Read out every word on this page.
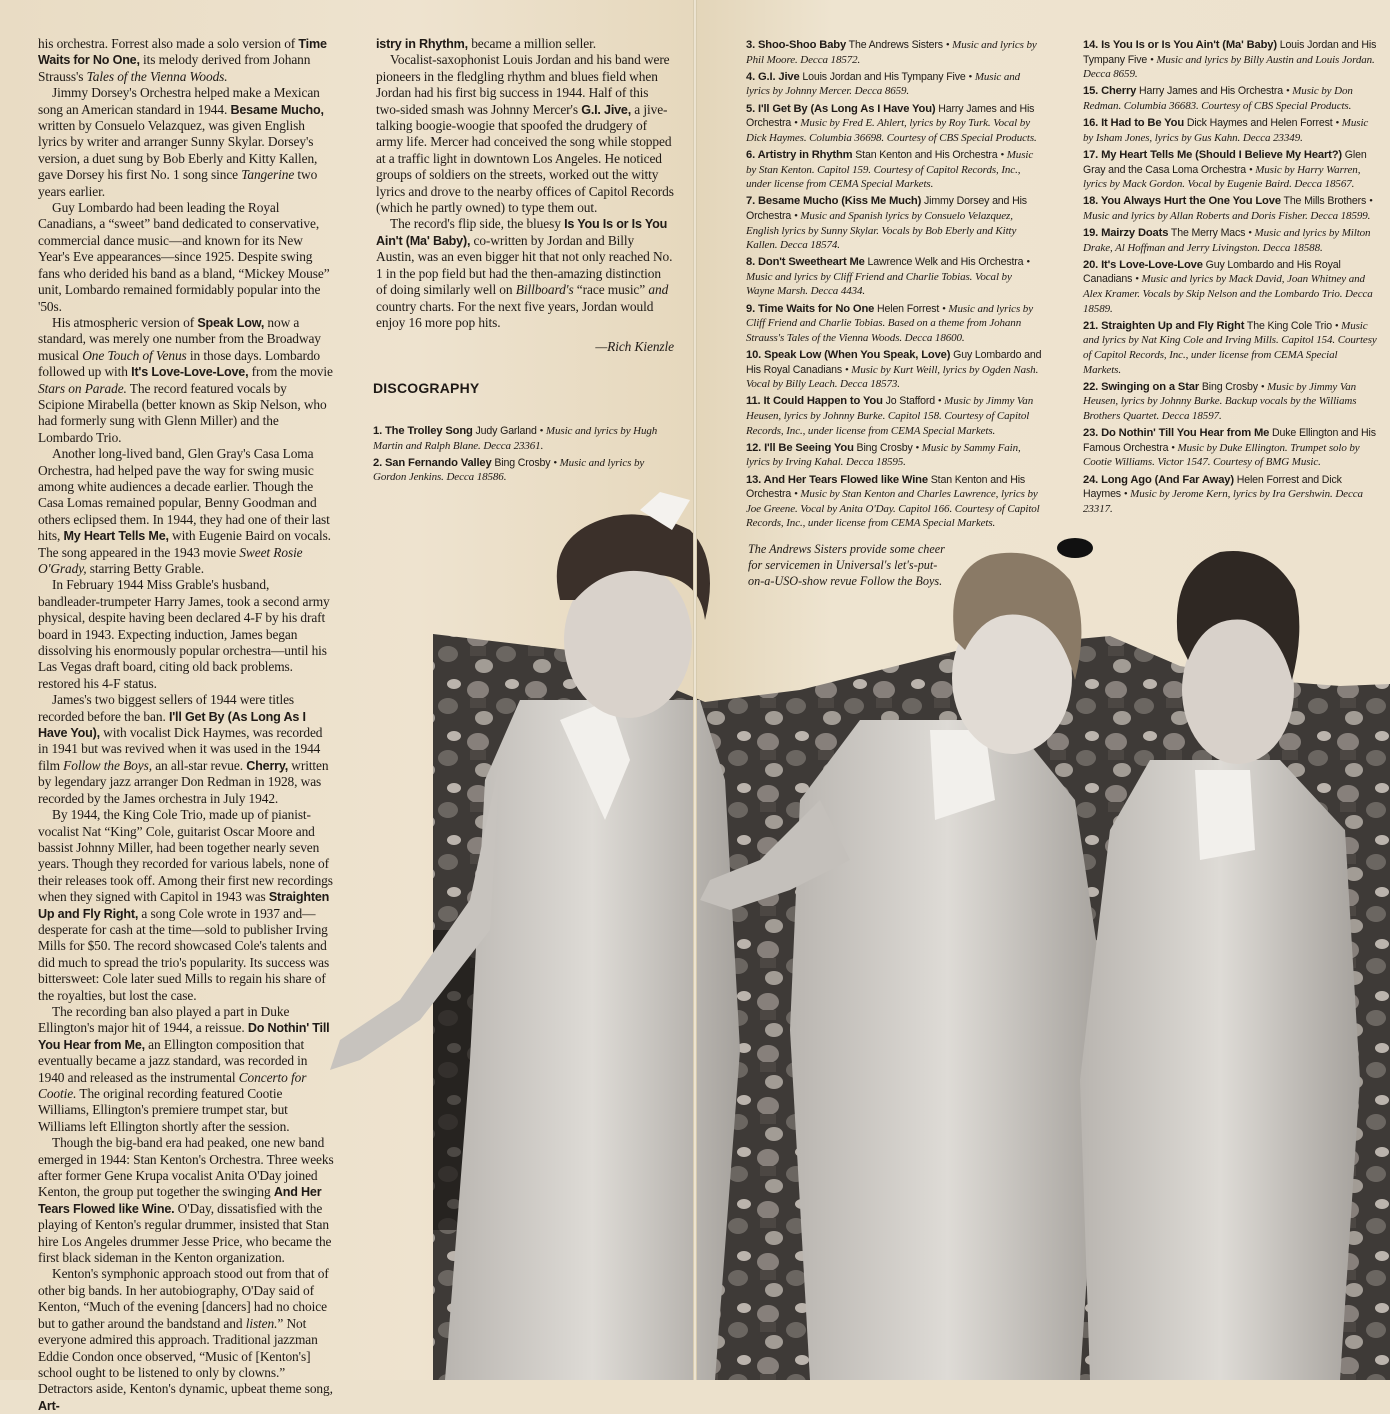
his orchestra. Forrest also made a solo version of Time Waits for No One, its melody derived from Johann Strauss's Tales of the Vienna Woods.

Jimmy Dorsey's Orchestra helped make a Mexican song an American standard in 1944. Besame Mucho, written by Consuelo Velazquez, was given English lyrics by writer and arranger Sunny Skylar. Dorsey's version, a duet sung by Bob Eberly and Kitty Kallen, gave Dorsey his first No. 1 song since Tangerine two years earlier.

Guy Lombardo had been leading the Royal Canadians, a “sweet” band dedicated to conservative, commercial dance music—and known for its New Year's Eve appearances—since 1925. Despite swing fans who derided his band as a bland, “Mickey Mouse” unit, Lombardo remained formidably popular into the '50s.

His atmospheric version of Speak Low, now a standard, was merely one number from the Broadway musical One Touch of Venus in those days. Lombardo followed up with It's Love-Love-Love, from the movie Stars on Parade. The record featured vocals by Scipione Mirabella (better known as Skip Nelson, who had formerly sung with Glenn Miller) and the Lombardo Trio.

Another long-lived band, Glen Gray's Casa Loma Orchestra, had helped pave the way for swing music among white audiences a decade earlier. Though the Casa Lomas remained popular, Benny Goodman and others eclipsed them. In 1944, they had one of their last hits, My Heart Tells Me, with Eugenie Baird on vocals. The song appeared in the 1943 movie Sweet Rosie O'Grady, starring Betty Grable.

In February 1944 Miss Grable's husband, bandleader-trumpeter Harry James, took a second army physical, despite having been declared 4-F by his draft board in 1943. Expecting induction, James began dissolving his enormously popular orchestra—until his Las Vegas draft board, citing old back problems. restored his 4-F status.

James's two biggest sellers of 1944 were titles recorded before the ban. I'll Get By (As Long As I Have You), with vocalist Dick Haymes, was recorded in 1941 but was revived when it was used in the 1944 film Follow the Boys, an all-star revue. Cherry, written by legendary jazz arranger Don Redman in 1928, was recorded by the James orchestra in July 1942.

By 1944, the King Cole Trio, made up of pianist-vocalist Nat “King” Cole, guitarist Oscar Moore and bassist Johnny Miller, had been together nearly seven years. Though they recorded for various labels, none of their releases took off. Among their first new recordings when they signed with Capitol in 1943 was Straighten Up and Fly Right, a song Cole wrote in 1937 and—desperate for cash at the time—sold to publisher Irving Mills for $50. The record showcased Cole's talents and did much to spread the trio's popularity. Its success was bittersweet: Cole later sued Mills to regain his share of the royalties, but lost the case.

The recording ban also played a part in Duke Ellington's major hit of 1944, a reissue. Do Nothin' Till You Hear from Me, an Ellington composition that eventually became a jazz standard, was recorded in 1940 and released as the instrumental Concerto for Cootie. The original recording featured Cootie Williams, Ellington's premiere trumpet star, but Williams left Ellington shortly after the session.

Though the big-band era had peaked, one new band emerged in 1944: Stan Kenton's Orchestra. Three weeks after former Gene Krupa vocalist Anita O'Day joined Kenton, the group put together the swinging And Her Tears Flowed like Wine. O'Day, dissatisfied with the playing of Kenton's regular drummer, insisted that Stan hire Los Angeles drummer Jesse Price, who became the first black sideman in the Kenton organization.

Kenton's symphonic approach stood out from that of other big bands. In her autobiography, O'Day said of Kenton, “Much of the evening [dancers] had no choice but to gather around the bandstand and listen.” Not everyone admired this approach. Traditional jazzman Eddie Condon once observed, “Music of [Kenton's] school ought to be listened to only by clowns.” Detractors aside, Kenton's dynamic, upbeat theme song, Art-

istry in Rhythm, became a million seller.

Vocalist-saxophonist Louis Jordan and his band were pioneers in the fledgling rhythm and blues field when Jordan had his first big success in 1944. Half of this two-sided smash was Johnny Mercer's G.I. Jive, a jive-talking boogie-woogie that spoofed the drudgery of army life. Mercer had conceived the song while stopped at a traffic light in downtown Los Angeles. He noticed groups of soldiers on the streets, worked out the witty lyrics and drove to the nearby offices of Capitol Records (which he partly owned) to type them out.

The record's flip side, the bluesy Is You Is or Is You Ain't (Ma' Baby), co-written by Jordan and Billy Austin, was an even bigger hit that not only reached No. 1 in the pop field but had the then-amazing distinction of doing similarly well on Billboard's “race music” and country charts. For the next five years, Jordan would enjoy 16 more pop hits.

—Rich Kienzle

DISCOGRAPHY
1. The Trolley Song Judy Garland • Music and lyrics by Hugh Martin and Ralph Blane. Decca 23361.
2. San Fernando Valley Bing Crosby • Music and lyrics by Gordon Jenkins. Decca 18586.
3. Shoo-Shoo Baby The Andrews Sisters • Music and lyrics by Phil Moore. Decca 18572.
4. G.I. Jive Louis Jordan and His Tympany Five • Music and lyrics by Johnny Mercer. Decca 8659.
5. I'll Get By (As Long As I Have You) Harry James and His Orchestra • Music by Fred E. Ahlert, lyrics by Roy Turk. Vocal by Dick Haymes. Columbia 36698. Courtesy of CBS Special Products.
6. Artistry in Rhythm Stan Kenton and His Orchestra • Music by Stan Kenton. Capitol 159. Courtesy of Capitol Records, Inc., under license from CEMA Special Markets.
7. Besame Mucho (Kiss Me Much) Jimmy Dorsey and His Orchestra • Music and Spanish lyrics by Consuelo Velazquez, English lyrics by Sunny Skylar. Vocals by Bob Eberly and Kitty Kallen. Decca 18574.
8. Don't Sweetheart Me Lawrence Welk and His Orchestra • Music and lyrics by Cliff Friend and Charlie Tobias. Vocal by Wayne Marsh. Decca 4434.
9. Time Waits for No One Helen Forrest • Music and lyrics by Cliff Friend and Charlie Tobias. Based on a theme from Johann Strauss's Tales of the Vienna Woods. Decca 18600.
10. Speak Low (When You Speak, Love) Guy Lombardo and His Royal Canadians • Music by Kurt Weill, lyrics by Ogden Nash. Vocal by Billy Leach. Decca 18573.
11. It Could Happen to You Jo Stafford • Music by Jimmy Van Heusen, lyrics by Johnny Burke. Capitol 158. Courtesy of Capitol Records, Inc., under license from CEMA Special Markets.
12. I'll Be Seeing You Bing Crosby • Music by Sammy Fain, lyrics by Irving Kahal. Decca 18595.
13. And Her Tears Flowed like Wine Stan Kenton and His Orchestra • Music by Stan Kenton and Charles Lawrence, lyrics by Joe Greene. Vocal by Anita O'Day. Capitol 166. Courtesy of Capitol Records, Inc., under license from CEMA Special Markets.
14. Is You Is or Is You Ain't (Ma' Baby) Louis Jordan and His Tympany Five • Music and lyrics by Billy Austin and Louis Jordan. Decca 8659.
15. Cherry Harry James and His Orchestra • Music by Don Redman. Columbia 36683. Courtesy of CBS Special Products.
16. It Had to Be You Dick Haymes and Helen Forrest • Music by Isham Jones, lyrics by Gus Kahn. Decca 23349.
17. My Heart Tells Me (Should I Believe My Heart?) Glen Gray and the Casa Loma Orchestra • Music by Harry Warren, lyrics by Mack Gordon. Vocal by Eugenie Baird. Decca 18567.
18. You Always Hurt the One You Love The Mills Brothers • Music and lyrics by Allan Roberts and Doris Fisher. Decca 18599.
19. Mairzy Doats The Merry Macs • Music and lyrics by Milton Drake, Al Hoffman and Jerry Livingston. Decca 18588.
20. It's Love-Love-Love Guy Lombardo and His Royal Canadians • Music and lyrics by Mack David, Joan Whitney and Alex Kramer. Vocals by Skip Nelson and the Lombardo Trio. Decca 18589.
21. Straighten Up and Fly Right The King Cole Trio • Music and lyrics by Nat King Cole and Irving Mills. Capitol 154. Courtesy of Capitol Records, Inc., under license from CEMA Special Markets.
22. Swinging on a Star Bing Crosby • Music by Jimmy Van Heusen, lyrics by Johnny Burke. Backup vocals by the Williams Brothers Quartet. Decca 18597.
23. Do Nothin' Till You Hear from Me Duke Ellington and His Famous Orchestra • Music by Duke Ellington. Trumpet solo by Cootie Williams. Victor 1547. Courtesy of BMG Music.
24. Long Ago (And Far Away) Helen Forrest and Dick Haymes • Music by Jerome Kern, lyrics by Ira Gershwin. Decca 23317.
The Andrews Sisters provide some cheer for servicemen in Universal's let's-put-on-a-USO-show revue Follow the Boys.
